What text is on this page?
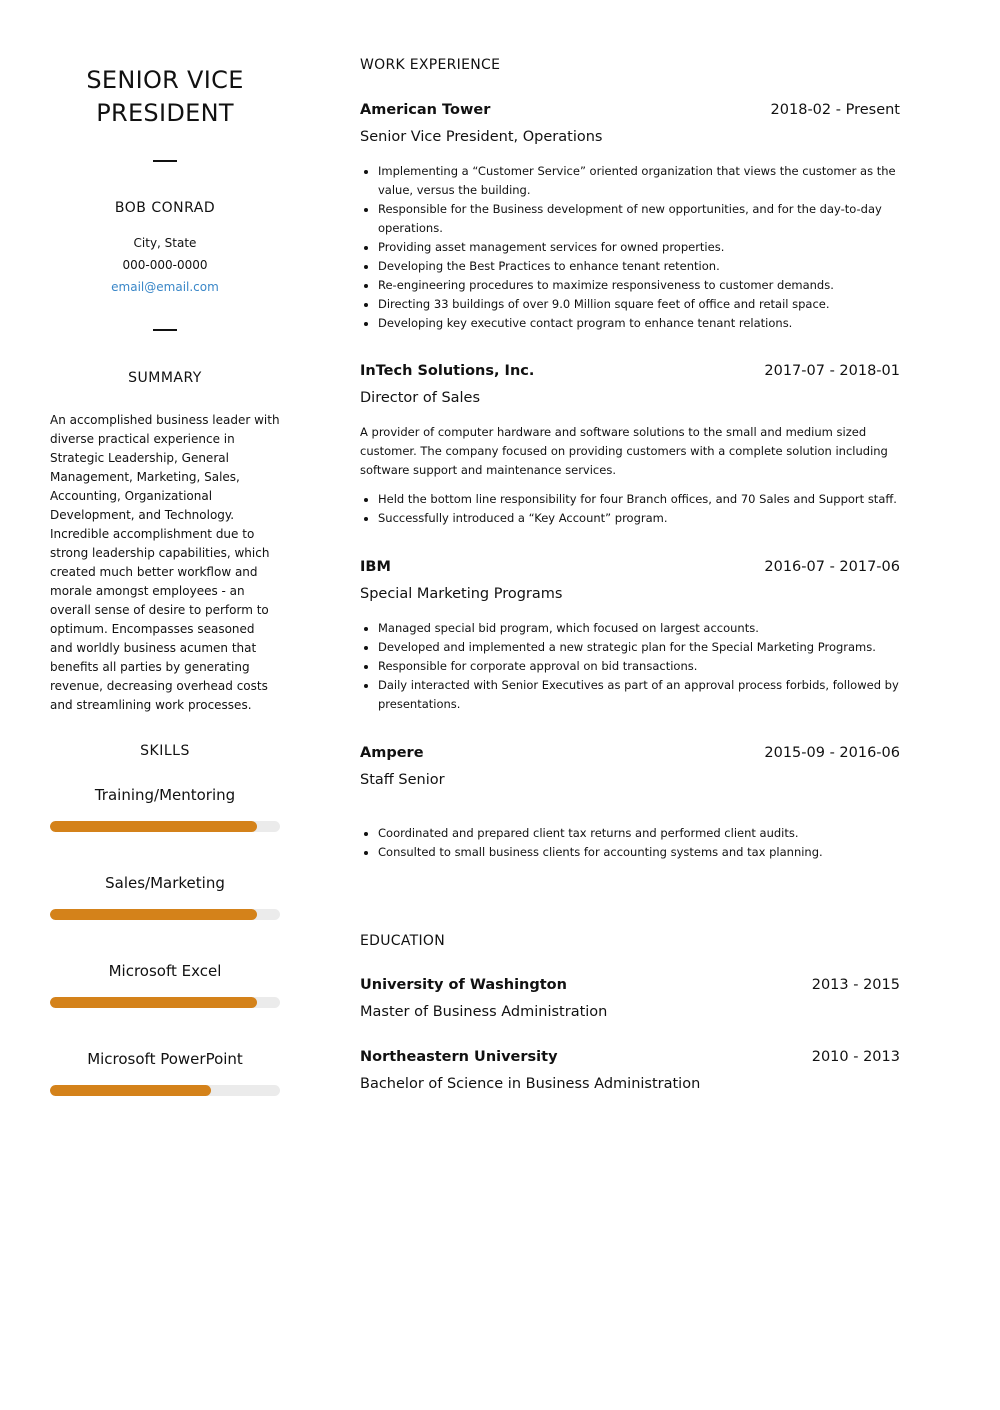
SENIOR VICE PRESIDENT
BOB CONRAD
City, State
000-000-0000
email@email.com
SUMMARY
An accomplished business leader with diverse practical experience in Strategic Leadership, General Management, Marketing, Sales, Accounting, Organizational Development, and Technology. Incredible accomplishment due to strong leadership capabilities, which created much better workflow and morale amongst employees - an overall sense of desire to perform to optimum. Encompasses seasoned and worldly business acumen that benefits all parties by generating revenue, decreasing overhead costs and streamlining work processes.
SKILLS
Training/Mentoring
Sales/Marketing
Microsoft Excel
Microsoft PowerPoint
WORK EXPERIENCE
American Tower	2018-02 - Present
Senior Vice President, Operations
• Implementing a “Customer Service” oriented organization that views the customer as the value, versus the building.
• Responsible for the Business development of new opportunities, and for the day-to-day operations.
• Providing asset management services for owned properties.
• Developing the Best Practices to enhance tenant retention.
• Re-engineering procedures to maximize responsiveness to customer demands.
• Directing 33 buildings of over 9.0 Million square feet of office and retail space.
• Developing key executive contact program to enhance tenant relations.
InTech Solutions, Inc.	2017-07 - 2018-01
Director of Sales

A provider of computer hardware and software solutions to the small and medium sized customer. The company focused on providing customers with a complete solution including software support and maintenance services.

• Held the bottom line responsibility for four Branch offices, and 70 Sales and Support staff.
• Successfully introduced a “Key Account” program.
IBM	2016-07 - 2017-06
Special Marketing Programs
• Managed special bid program, which focused on largest accounts.
• Developed and implemented a new strategic plan for the Special Marketing Programs.
• Responsible for corporate approval on bid transactions.
• Daily interacted with Senior Executives as part of an approval process forbids, followed by presentations.
Ampere	2015-09 - 2016-06
Staff Senior
• Coordinated and prepared client tax returns and performed client audits.
• Consulted to small business clients for accounting systems and tax planning.
EDUCATION
University of Washington	2013 - 2015
Master of Business Administration
Northeastern University	2010 - 2013
Bachelor of Science in Business Administration
